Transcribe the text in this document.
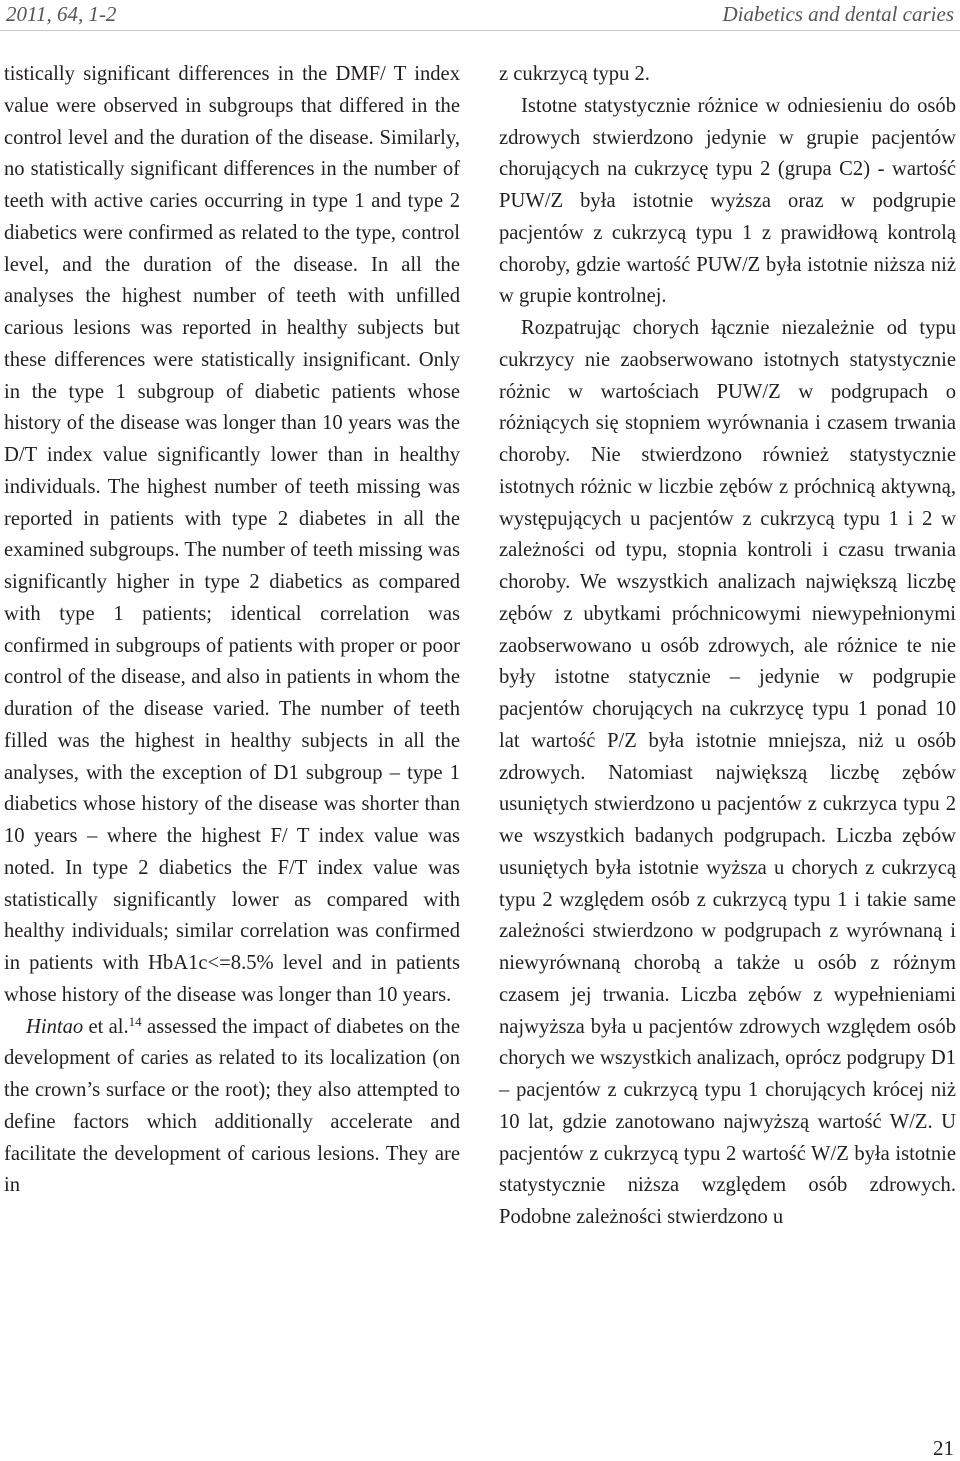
2011, 64, 1-2	Diabetics and dental caries

tistically significant differences in the DMF/ T index value were observed in subgroups that differed in the control level and the duration of the disease. Similarly, no statistically significant differences in the number of teeth with active caries occurring in type 1 and type 2 diabetics were confirmed as related to the type, control level, and the duration of the disease. In all the analyses the highest number of teeth with unfilled carious lesions was reported in healthy subjects but these differences were statistically insignificant. Only in the type 1 subgroup of diabetic patients whose history of the disease was longer than 10 years was the D/T index value significantly lower than in healthy individuals. The highest number of teeth missing was reported in patients with type 2 diabetes in all the examined subgroups. The number of teeth missing was significantly higher in type 2 diabetics as compared with type 1 patients; identical correlation was confirmed in subgroups of patients with proper or poor control of the disease, and also in patients in whom the duration of the disease varied. The number of teeth filled was the highest in healthy subjects in all the analyses, with the exception of D1 subgroup – type 1 diabetics whose history of the disease was shorter than 10 years – where the highest F/ T index value was noted. In type 2 diabetics the F/T index value was statistically significantly lower as compared with healthy individuals; similar correlation was confirmed in patients with HbA1c<=8.5% level and in patients whose history of the disease was longer than 10 years.

Hintao et al.$^{14}$ assessed the impact of diabetes on the development of caries as related to its localization (on the crown’s surface or the root); they also attempted to define factors which additionally accelerate and facilitate the development of carious lesions. They are in

z cukrzycą typu 2.

Istotne statystycznie różnice w odniesieniu do osób zdrowych stwierdzono jedynie w grupie pacjentów chorujących na cukrzycę typu 2 (grupa C2) - wartość PUW/Z była istotnie wyższa oraz w podgrupie pacjentów z cukrzycą typu 1 z prawidłową kontrolą choroby, gdzie wartość PUW/Z była istotnie niższa niż w grupie kontrolnej.

Rozpatrując chorych łącznie niezależnie od typu cukrzycy nie zaobserwowano istotnych statystycznie różnic w wartościach PUW/Z w podgrupach o różniących się stopniem wyrównania i czasem trwania choroby. Nie stwierdzono również statystycznie istotnych różnic w liczbie zębów z próchnicą aktywną, występujących u pacjentów z cukrzycą typu 1 i 2 w zależności od typu, stopnia kontroli i czasu trwania choroby. We wszystkich analizach największą liczbę zębów z ubytkami próchnicowymi niewypełnionymi zaobserwowano u osób zdrowych, ale różnice te nie były istotne statycznie – jedynie w podgrupie pacjentów chorujących na cukrzycę typu 1 ponad 10 lat wartość P/Z była istotnie mniejsza, niż u osób zdrowych. Natomiast największą liczbę zębów usuniętych stwierdzono u pacjentów z cukrzyca typu 2 we wszystkich badanych podgrupach. Liczba zębów usuniętych była istotnie wyższa u chorych z cukrzycą typu 2 względem osób z cukrzycą typu 1 i takie same zależności stwierdzono w podgrupach z wyrównaną i niewyrównaną chorobą a także u osób z różnym czasem jej trwania. Liczba zębów z wypełnieniami najwyższa była u pacjentów zdrowych względem osób chorych we wszystkich analizach, oprócz podgrupy D1 – pacjentów z cukrzycą typu 1 chorujących krócej niż 10 lat, gdzie zanotowano najwyższą wartość W/Z. U pacjentów z cukrzycą typu 2 wartość W/Z była istotnie statystycznie niższa względem osób zdrowych. Podobne zależności stwierdzono u

21
